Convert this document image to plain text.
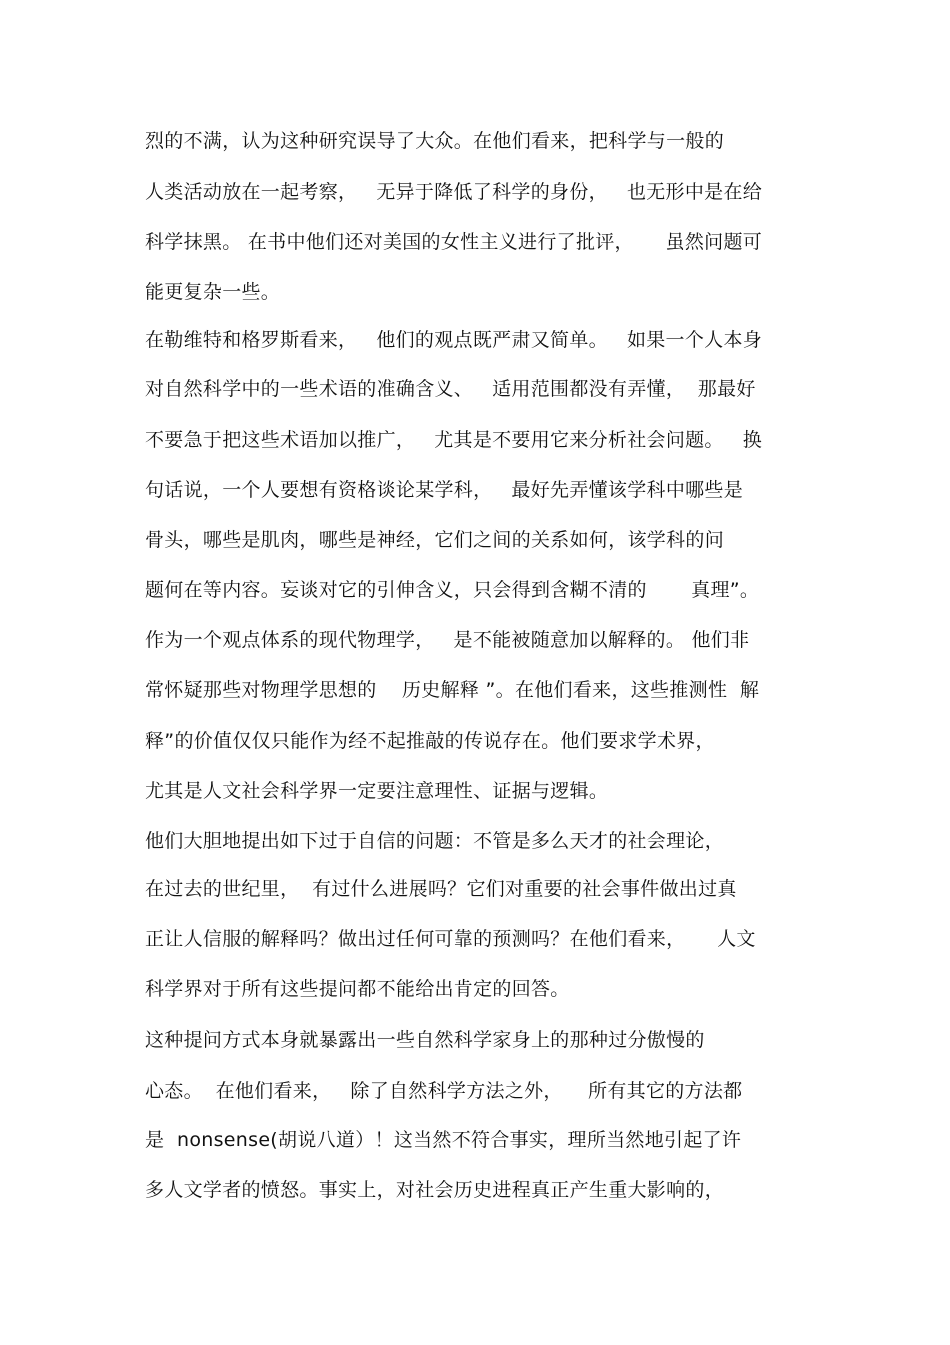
烈的不满，认为这种研究误导了大众。在他们看来，把科学与一般的
人类活动放在一起考察，   无异于降低了科学的身份，   也无形中是在给
科学抹黑。 在书中他们还对美国的女性主义进行了批评，     虽然问题可
能更复杂一些。
在勒维特和格罗斯看来，   他们的观点既严肃又简单。   如果一个人本身
对自然科学中的一些术语的准确含义、   适用范围都没有弄懂，  那最好
不要急于把这些术语加以推广，   尤其是不要用它来分析社会问题。   换
句话说，一个人要想有资格谈论某学科，   最好先弄懂该学科中哪些是
骨头，哪些是肌肉，哪些是神经，它们之间的关系如何，该学科的问
题何在等内容。妄谈对它的引伸含义，只会得到含糊不清的       真理”。
作为一个观点体系的现代物理学，   是不能被随意加以解释的。 他们非
常怀疑那些对物理学思想的    历史解释 ”。在他们看来，这些推测性  解
释”的价值仅仅只能作为经不起推敲的传说存在。他们要求学术界，
尤其是人文社会科学界一定要注意理性、证据与逻辑。
他们大胆地提出如下过于自信的问题：不管是多么天才的社会理论，
在过去的世纪里，  有过什么进展吗？它们对重要的社会事件做出过真
正让人信服的解释吗？做出过任何可靠的预测吗？在他们看来，     人文
科学界对于所有这些提问都不能给出肯定的回答。
这种提问方式本身就暴露出一些自然科学家身上的那种过分傲慢的
心态。  在他们看来，   除了自然科学方法之外，    所有其它的方法都
是  nonsense(胡说八道）！这当然不符合事实，理所当然地引起了许
多人文学者的愤怒。事实上，对社会历史进程真正产生重大影响的，
